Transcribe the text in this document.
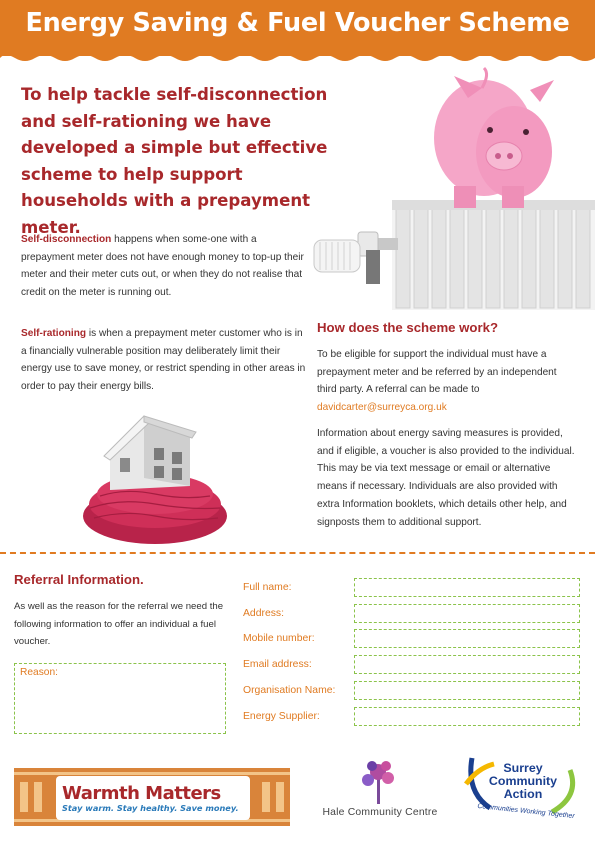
Energy Saving & Fuel Voucher Scheme
To help tackle self-disconnection and self-rationing we have developed a simple but effective scheme to help support households with a prepayment meter.
Self-disconnection happens when some-one with a prepayment meter does not have enough money to top-up their meter and their meter cuts out, or when they do not realise that credit on the meter is running out.
Self-rationing is when a prepayment meter customer who is in a financially vulnerable position may deliberately limit their energy use to save money, or restrict spending in other areas in order to pay their energy bills.
How does the scheme work?
To be eligible for support the individual must have a prepayment meter and be referred by an independent third party. A referral can be made to davidcarter@surreyca.org.uk
Information about energy saving measures is provided, and if eligible, a voucher is also provided to the individual. This may be via text message or email or alternative means if necessary. Individuals are also provided with extra Information booklets, which details other help, and signposts them to additional support.
Referral Information.
As well as the reason for the referral we need the following information to offer an individual a fuel voucher.
Reason:
Full name:
Address:
Mobile number:
Email address:
Organisation Name:
Energy Supplier:
Warmth Matters
Stay warm. Stay healthy. Save money.	Hale Community Centre
Surrey Community Action
Communities Working Together
